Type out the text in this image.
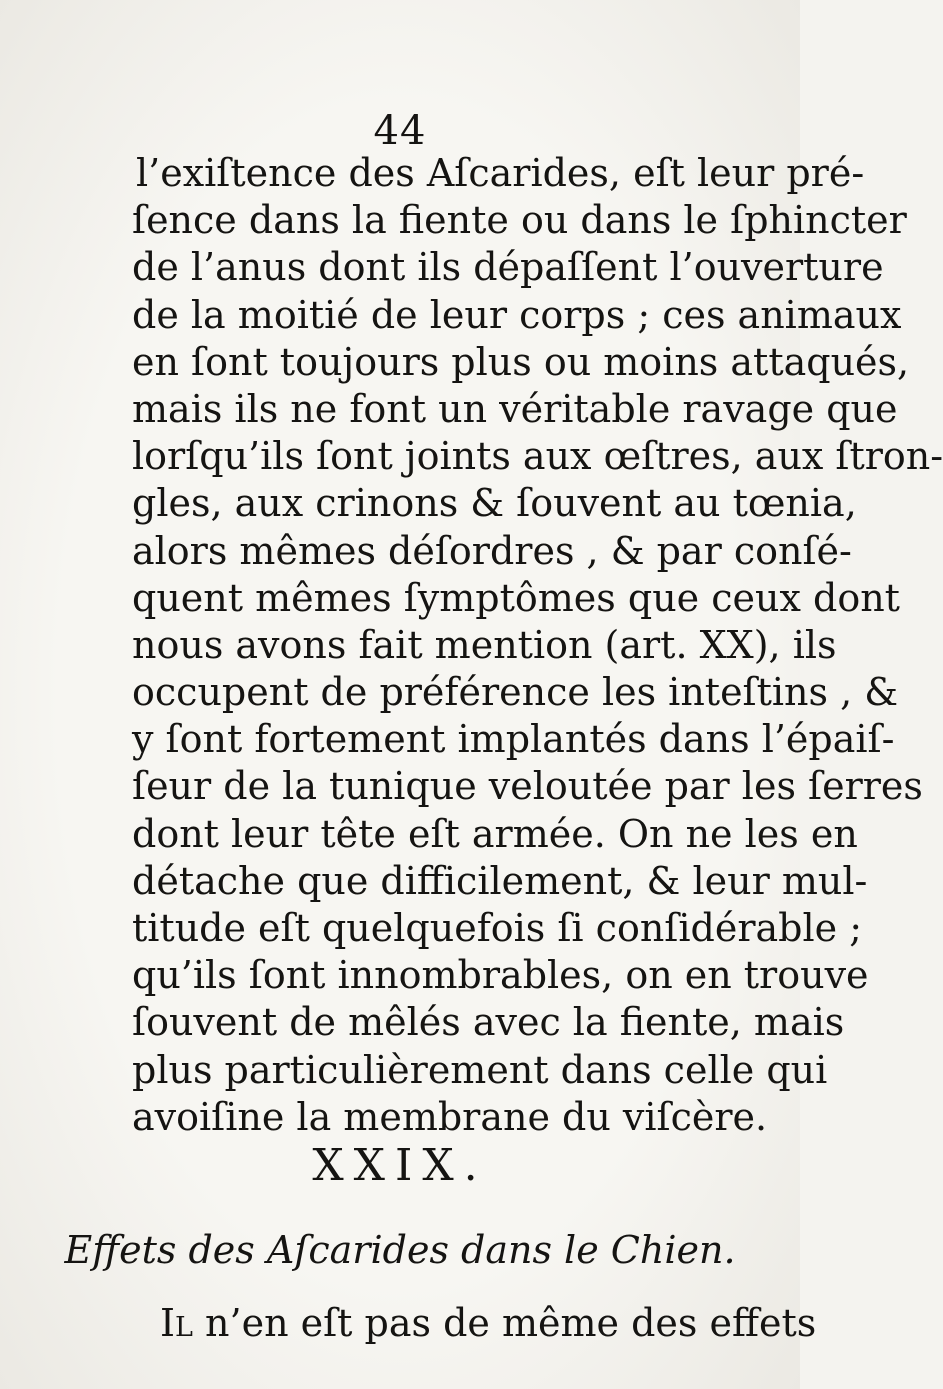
44
l’exiſtence des Aſcarides, eſt leur pré-
ſence dans la fiente ou dans le ſphincter
de l’anus dont ils dépaſſent l’ouverture
de la moitié de leur corps ; ces animaux
en ſont toujours plus ou moins attaqués,
mais ils ne font un véritable ravage que
lorſqu’ils ſont joints aux œſtres, aux ſtron-
gles, aux crinons & ſouvent au tœnia,
alors mêmes déſordres , & par conſé-
quent mêmes ſymptômes que ceux dont
nous avons fait mention (art. XX), ils
occupent de préférence les inteſtins , &
y ſont fortement implantés dans l’épaiſ-
ſeur de la tunique veloutée par les ſerres
dont leur tête eſt armée. On ne les en
détache que difficilement, & leur mul-
titude eſt quelquefois ſi conſidérable ;
qu’ils ſont innombrables, on en trouve
ſouvent de mêlés avec la fiente, mais
plus particulièrement dans celle qui
avoiſine la membrane du viſcère.
XXIX.
Effets des Aſcarides dans le Chien.
Il n’en eſt pas de même des effets
